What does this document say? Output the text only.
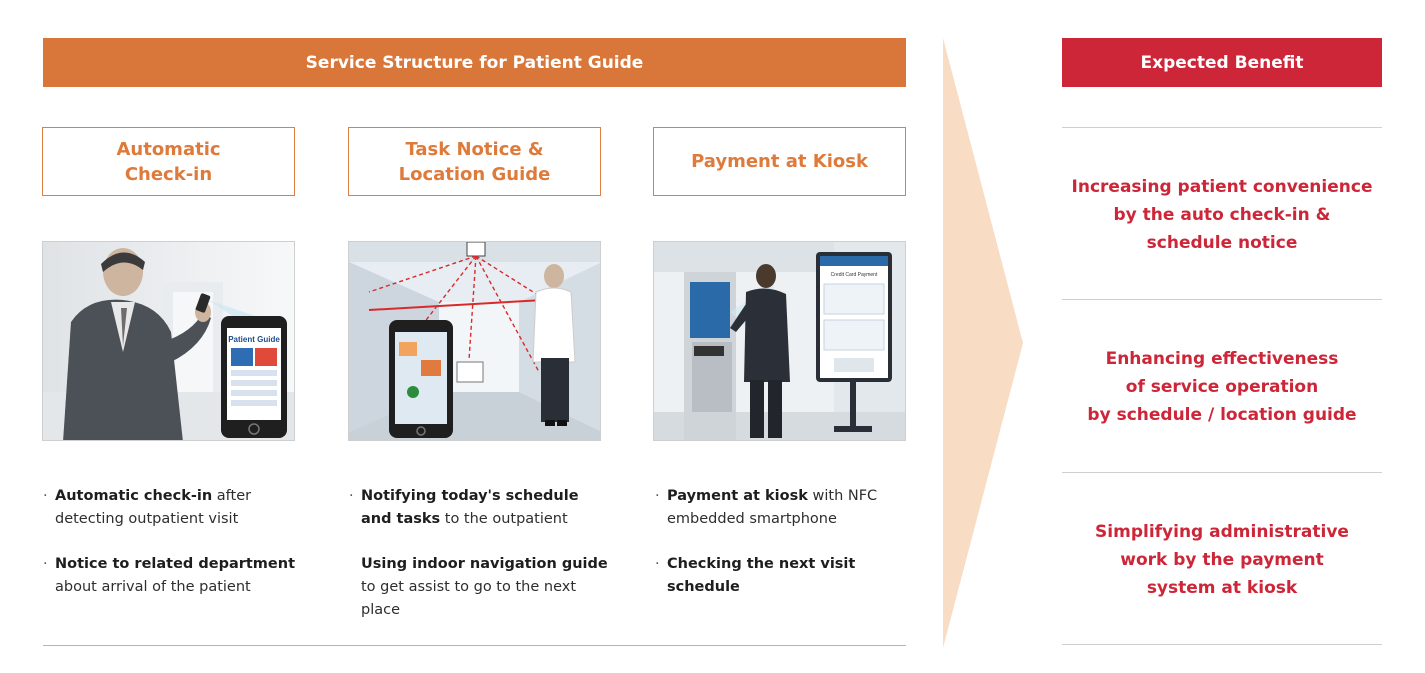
Service Structure for Patient Guide	Expected Benefit
Automatic
Check-in
Task Notice &
Location Guide
Payment at Kiosk
Patient Guide
Credit Card Payment
· Automatic check-in after
detecting outpatient visit
· Notice to related department
about arrival of the patient
· Notifying today's schedule
and tasks to the outpatient
Using indoor navigation guide
to get assist to go to the next
place
· Payment at kiosk with NFC
embedded smartphone
· Checking the next visit
schedule
Increasing patient convenience
by the auto check-in &
schedule notice
Enhancing effectiveness
of service operation
by schedule / location guide
Simplifying administrative
work by the payment
system at kiosk
